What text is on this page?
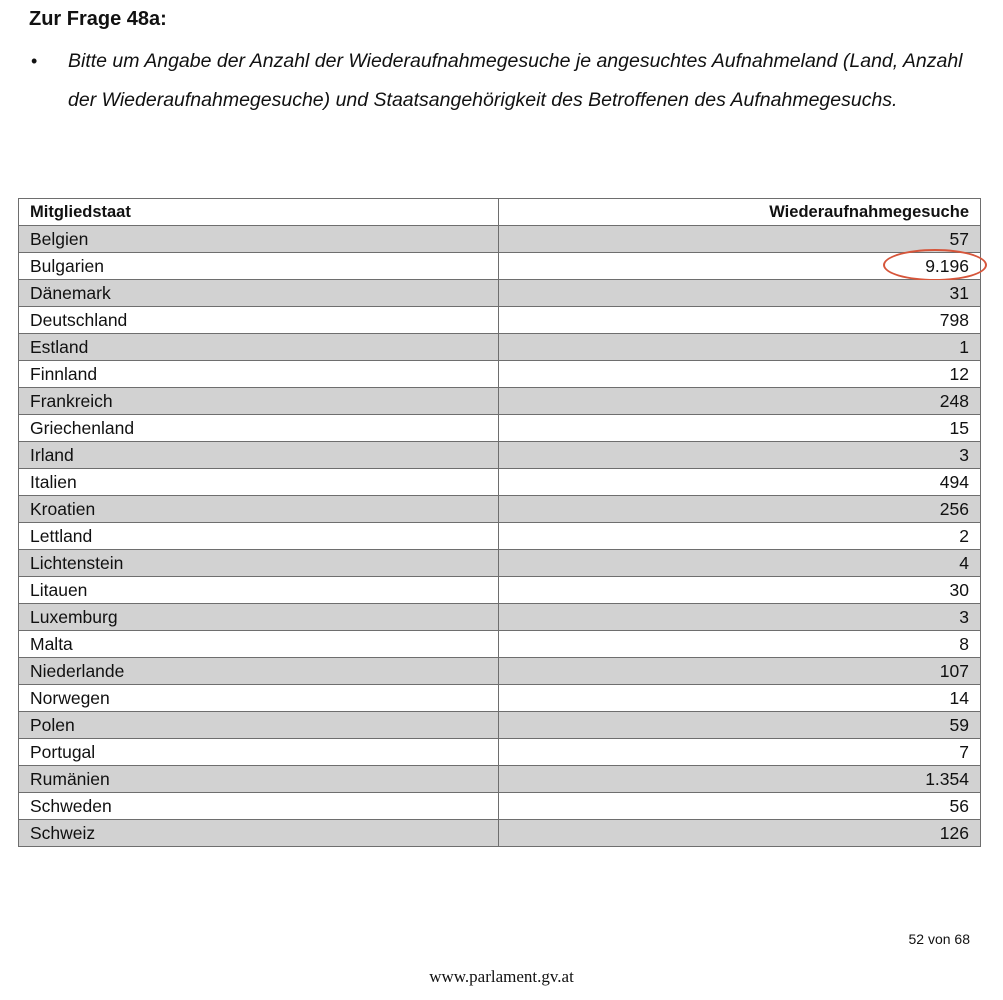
Zur Frage 48a:
• Bitte um Angabe der Anzahl der Wiederaufnahmegesuche je angesuchtes Aufnahmeland (Land, Anzahl der Wiederaufnahmegesuche) und Staatsangehörigkeit des Betroffenen des Aufnahmegesuchs.

Mitgliedstaat	Wiederaufnahmegesuche
Belgien	57
Bulgarien	9.196

Dänemark	31
Deutschland	798
Estland	1
Finnland	12
Frankreich	248
Griechenland	15
Irland	3
Italien	494
Kroatien	256
Lettland	2
Lichtenstein	4
Litauen	30
Luxemburg	3
Malta	8
Niederlande	107
Norwegen	14
Polen	59
Portugal	7
Rumänien	1.354
Schweden	56
Schweiz	126
52 von 68
www.parlament.gv.at
